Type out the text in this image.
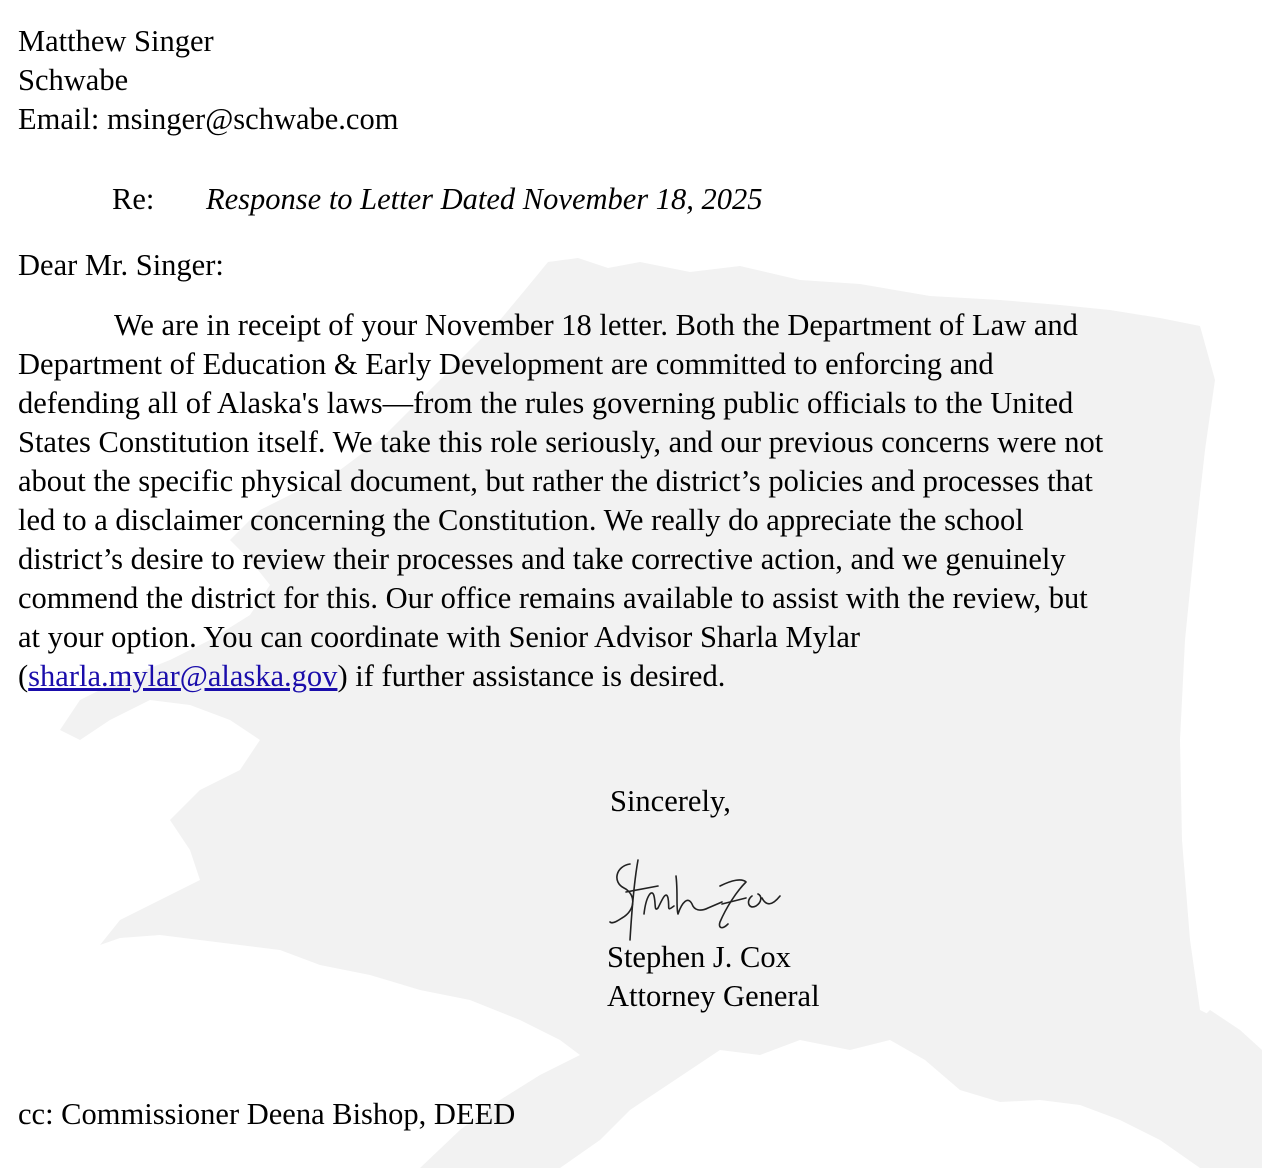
Matthew Singer
Schwabe
Email: msinger@schwabe.com
Re: Response to Letter Dated November 18, 2025
Dear Mr. Singer:
We are in receipt of your November 18 letter. Both the Department of Law and
Department of Education & Early Development are committed to enforcing and
defending all of Alaska's laws—from the rules governing public officials to the United
States Constitution itself. We take this role seriously, and our previous concerns were not
about the specific physical document, but rather the district’s policies and processes that
led to a disclaimer concerning the Constitution. We really do appreciate the school
district’s desire to review their processes and take corrective action, and we genuinely
commend the district for this. Our office remains available to assist with the review, but
at your option. You can coordinate with Senior Advisor Sharla Mylar
(sharla.mylar@alaska.gov) if further assistance is desired.
Sincerely,
Stephen J. Cox
Attorney General
cc: Commissioner Deena Bishop, DEED
